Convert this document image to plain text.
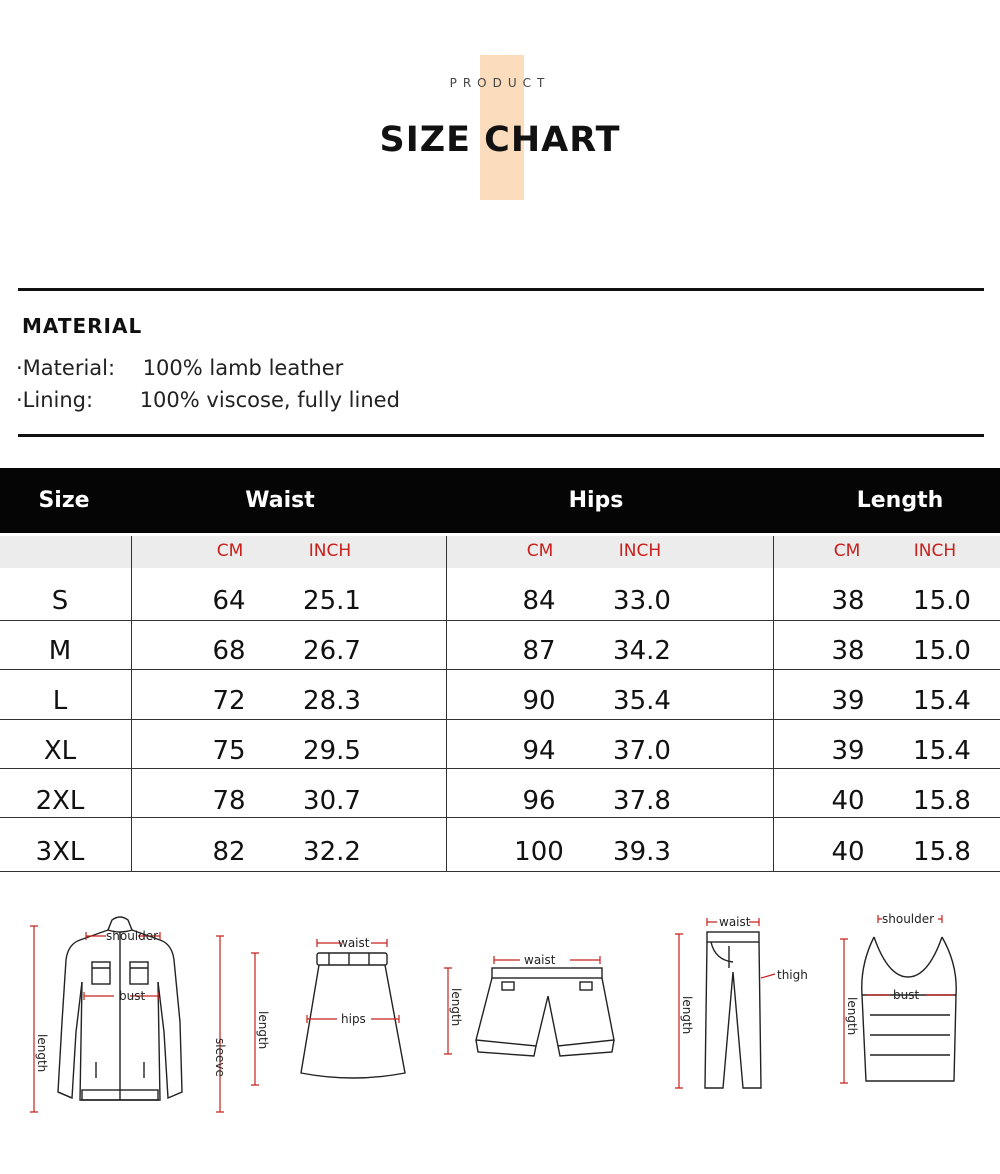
PRODUCT
SIZE CHART
MATERIAL
·Material: 100% lamb leather
·Lining: 100% viscose, fully lined
Size	Waist	Hips	Length
CM	INCH	CM	INCH	CM	INCH
S	64	25.1	84	33.0	38	15.0
M	68	26.7	87	34.2	38	15.0
L	72	28.3	90	35.4	39	15.4
XL	75	29.5	94	37.0	39	15.4
2XL	78	30.7	96	37.8	40	15.8
3XL	82	32.2	100	39.3	40	15.8
shoulder
bust
length	sleeve
waist
hips
length
waist
length
waist
thigh
length
shoulder
bust
length
